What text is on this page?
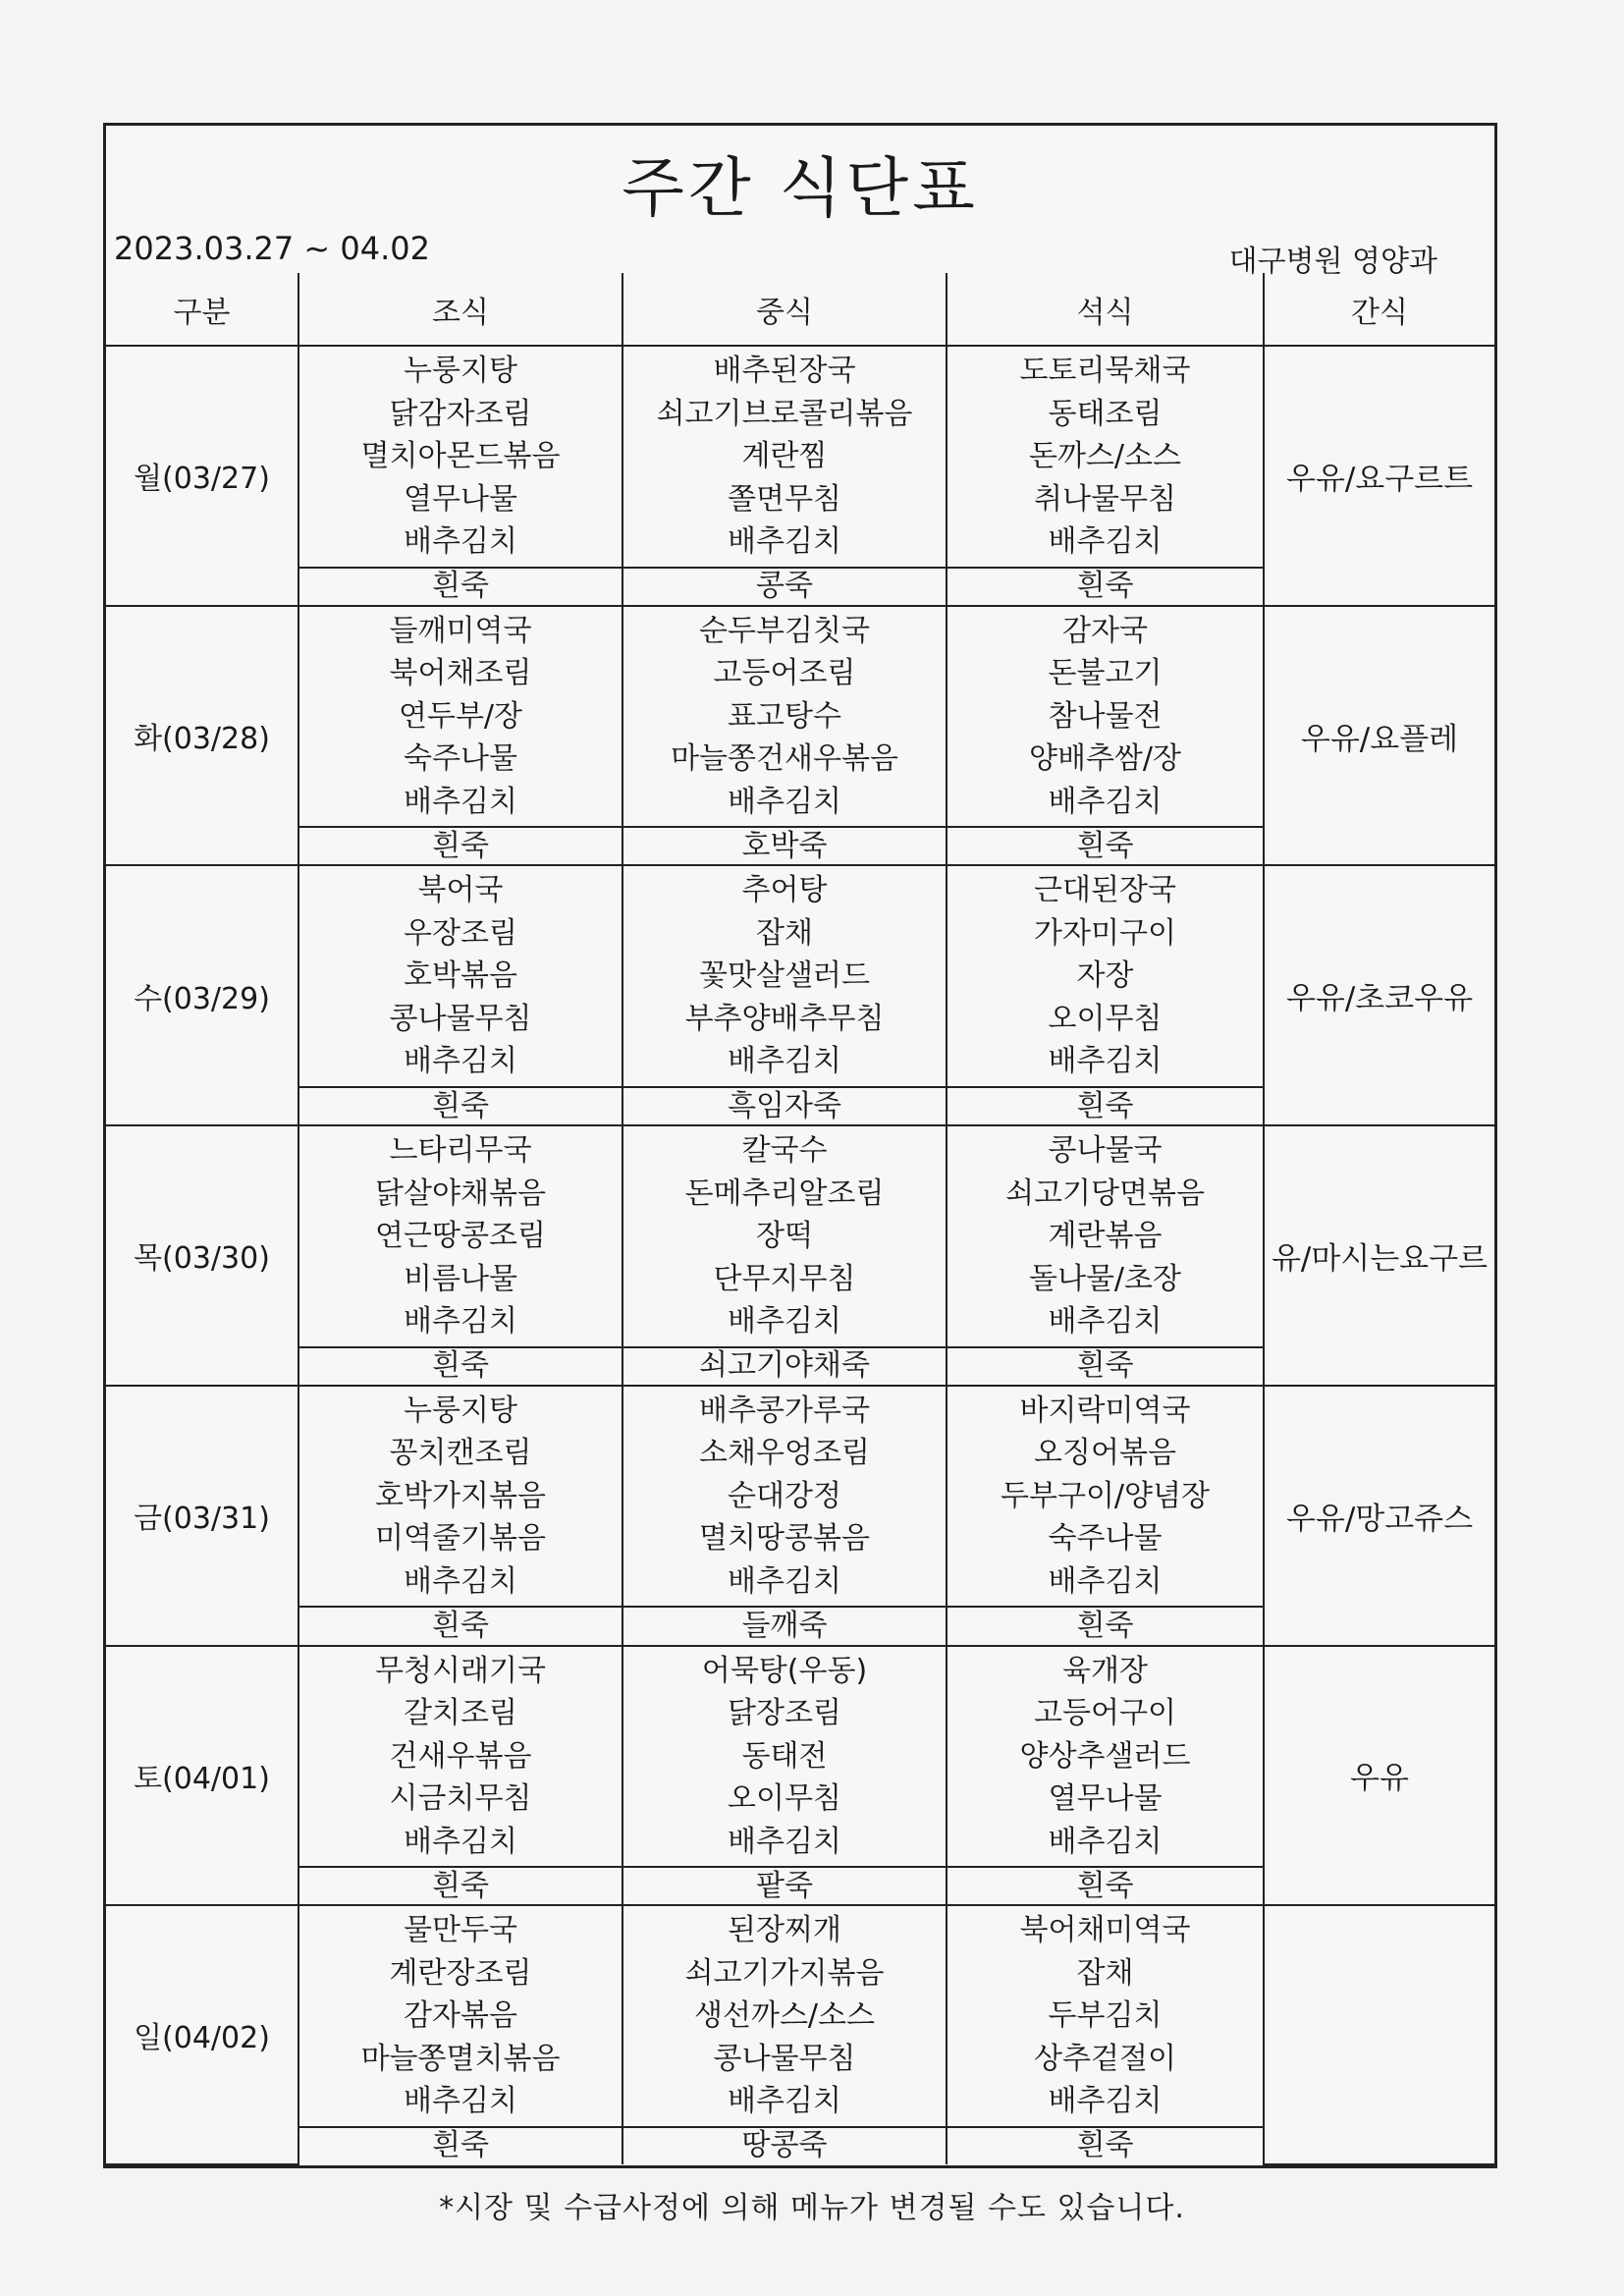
주간 식단표
2023.03.27 ~ 04.02	대구병원 영양과
구분	조식	중식	석식	간식
월(03/27)	누룽지탕
닭감자조림
멸치아몬드볶음
열무나물
배추김치	배추된장국
쇠고기브로콜리볶음
계란찜
쫄면무침
배추김치	도토리묵채국
동태조림
돈까스/소스
취나물무침
배추김치	우유/요구르트
	흰죽	콩죽	흰죽	
화(03/28)	들깨미역국
북어채조림
연두부/장
숙주나물
배추김치	순두부김칫국
고등어조림
표고탕수
마늘쫑건새우볶음
배추김치	감자국
돈불고기
참나물전
양배추쌈/장
배추김치	우유/요플레
	흰죽	호박죽	흰죽	
수(03/29)	북어국
우장조림
호박볶음
콩나물무침
배추김치	추어탕
잡채
꽃맛살샐러드
부추양배추무침
배추김치	근대된장국
가자미구이
자장
오이무침
배추김치	우유/초코우유
	흰죽	흑임자죽	흰죽	
목(03/30)	느타리무국
닭살야채볶음
연근땅콩조림
비름나물
배추김치	칼국수
돈메추리알조림
장떡
단무지무침
배추김치	콩나물국
쇠고기당면볶음
계란볶음
돌나물/초장
배추김치	유/마시는요구르
	흰죽	쇠고기야채죽	흰죽	
금(03/31)	누룽지탕
꽁치캔조림
호박가지볶음
미역줄기볶음
배추김치	배추콩가루국
소채우엉조림
순대강정
멸치땅콩볶음
배추김치	바지락미역국
오징어볶음
두부구이/양념장
숙주나물
배추김치	우유/망고쥬스
	흰죽	들깨죽	흰죽	
토(04/01)	무청시래기국
갈치조림
건새우볶음
시금치무침
배추김치	어묵탕(우동)
닭장조림
동태전
오이무침
배추김치	육개장
고등어구이
양상추샐러드
열무나물
배추김치	우유
	흰죽	팥죽	흰죽	
일(04/02)	물만두국
계란장조림
감자볶음
마늘쫑멸치볶음
배추김치	된장찌개
쇠고기가지볶음
생선까스/소스
콩나물무침
배추김치	북어채미역국
잡채
두부김치
상추겉절이
배추김치	

	흰죽	땅콩죽	흰죽	
*시장 및 수급사정에 의해 메뉴가 변경될 수도 있습니다.
